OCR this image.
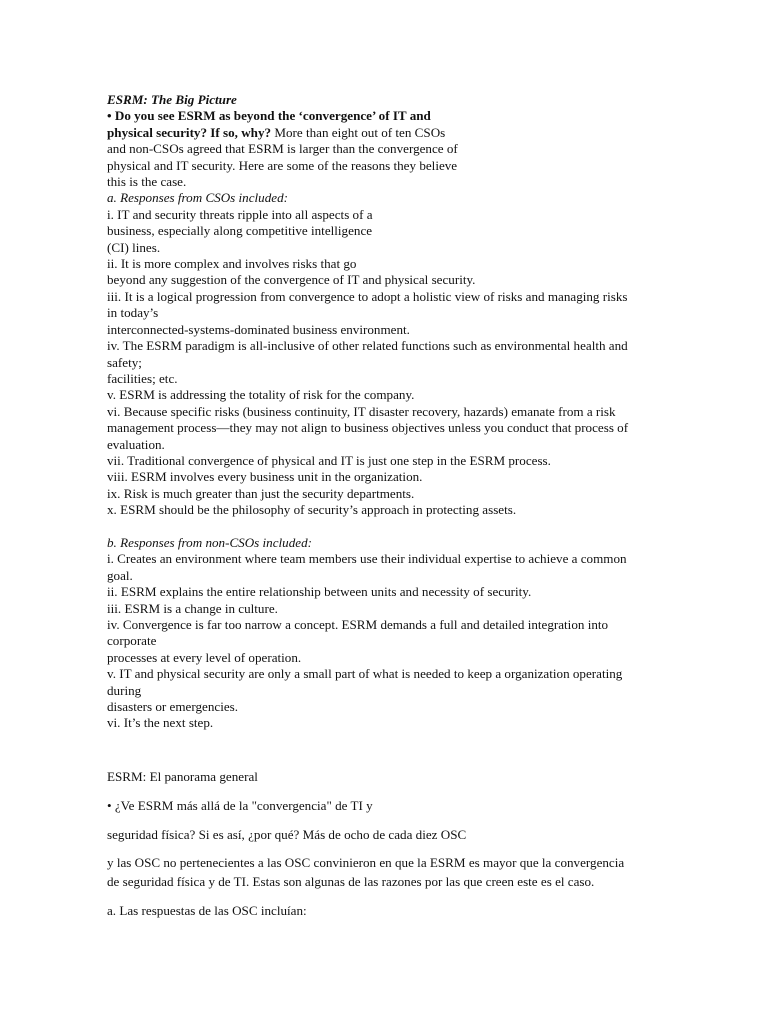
ESRM: The Big Picture
• Do you see ESRM as beyond the ‘convergence’ of IT and
physical security? If so, why? More than eight out of ten CSOs
and non-CSOs agreed that ESRM is larger than the convergence of
physical and IT security. Here are some of the reasons they believe
this is the case.
a. Responses from CSOs included:
i. IT and security threats ripple into all aspects of a
business, especially along competitive intelligence
(CI) lines.
ii. It is more complex and involves risks that go
beyond any suggestion of the convergence of IT and physical security.
iii. It is a logical progression from convergence to adopt a holistic view of risks and managing risks
in today’s
interconnected-systems-dominated business environment.
iv. The ESRM paradigm is all-inclusive of other related functions such as environmental health and
safety;
facilities; etc.
v. ESRM is addressing the totality of risk for the company.
vi. Because specific risks (business continuity, IT disaster recovery, hazards) emanate from a risk
management process—they may not align to business objectives unless you conduct that process of
evaluation.
vii. Traditional convergence of physical and IT is just one step in the ESRM process.
viii. ESRM involves every business unit in the organization.
ix. Risk is much greater than just the security departments.
x. ESRM should be the philosophy of security’s approach in protecting assets.
b. Responses from non-CSOs included:
i. Creates an environment where team members use their individual expertise to achieve a common
goal.
ii. ESRM explains the entire relationship between units and necessity of security.
iii. ESRM is a change in culture.
iv. Convergence is far too narrow a concept. ESRM demands a full and detailed integration into
corporate
processes at every level of operation.
v. IT and physical security are only a small part of what is needed to keep a organization operating
during
disasters or emergencies.
vi. It’s the next step.
ESRM: El panorama general
• ¿Ve ESRM más allá de la "convergencia" de TI y
seguridad física? Si es así, ¿por qué? Más de ocho de cada diez OSC
y las OSC no pertenecientes a las OSC convinieron en que la ESRM es mayor que la convergencia
de seguridad física y de TI. Estas son algunas de las razones por las que creen este es el caso.
a. Las respuestas de las OSC incluían:
